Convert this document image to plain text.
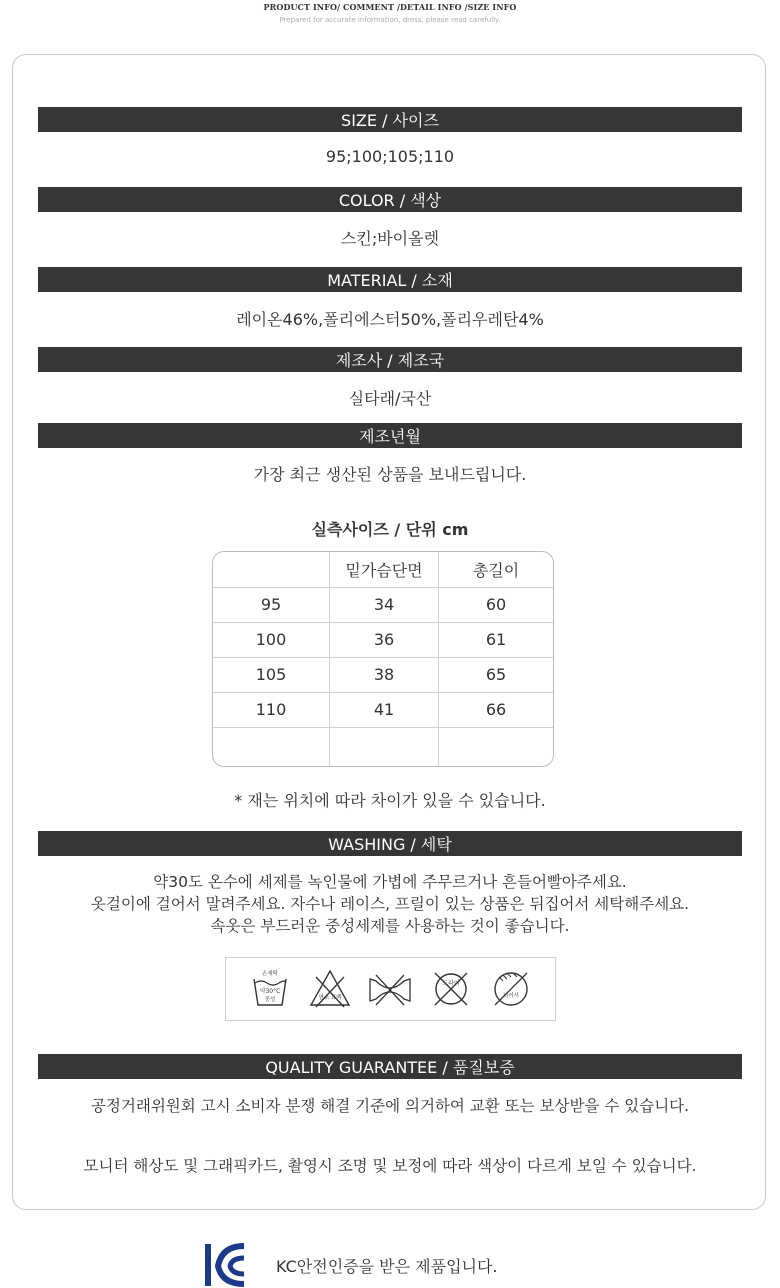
PRODUCT INFO/ COMMENT /DETAIL INFO /SIZE INFO
Prepared for accurate information, dress, please read carefully.
SIZE / 사이즈
95;100;105;110
COLOR / 색상
스킨;바이올렛
MATERIAL / 소재
레이온46%,폴리에스터50%,폴리우레탄4%
제조사 / 제조국
실타래/국산
제조년월
가장 최근 생산된 상품을 보내드립니다.
실측사이즈 / 단위 cm
	밑가슴단면	총길이
95	34	60
100	36	61
105	38	65
110	41	66

* 재는 위치에 따라 차이가 있을 수 있습니다.
WASHING / 세탁
약30도 온수에 세제를 녹인물에 가볍에 주무르거나 흔들어빨아주세요.
옷걸이에 걸어서 말려주세요. 자수나 레이스, 프릴이 있는 상품은 뒤집어서 세탁해주세요.
속옷은 부드러운 중성세제를 사용하는 것이 좋습니다.
손세탁
약30°C
중성	염소 표백
드라이
뉘어서
QUALITY GUARANTEE / 품질보증
공정거래위원회 고시 소비자 분쟁 해결 기준에 의거하여 교환 또는 보상받을 수 있습니다.
모니터 해상도 및 그래픽카드, 촬영시 조명 및 보정에 따라 색상이 다르게 보일 수 있습니다.
KC안전인증을 받은 제품입니다.
